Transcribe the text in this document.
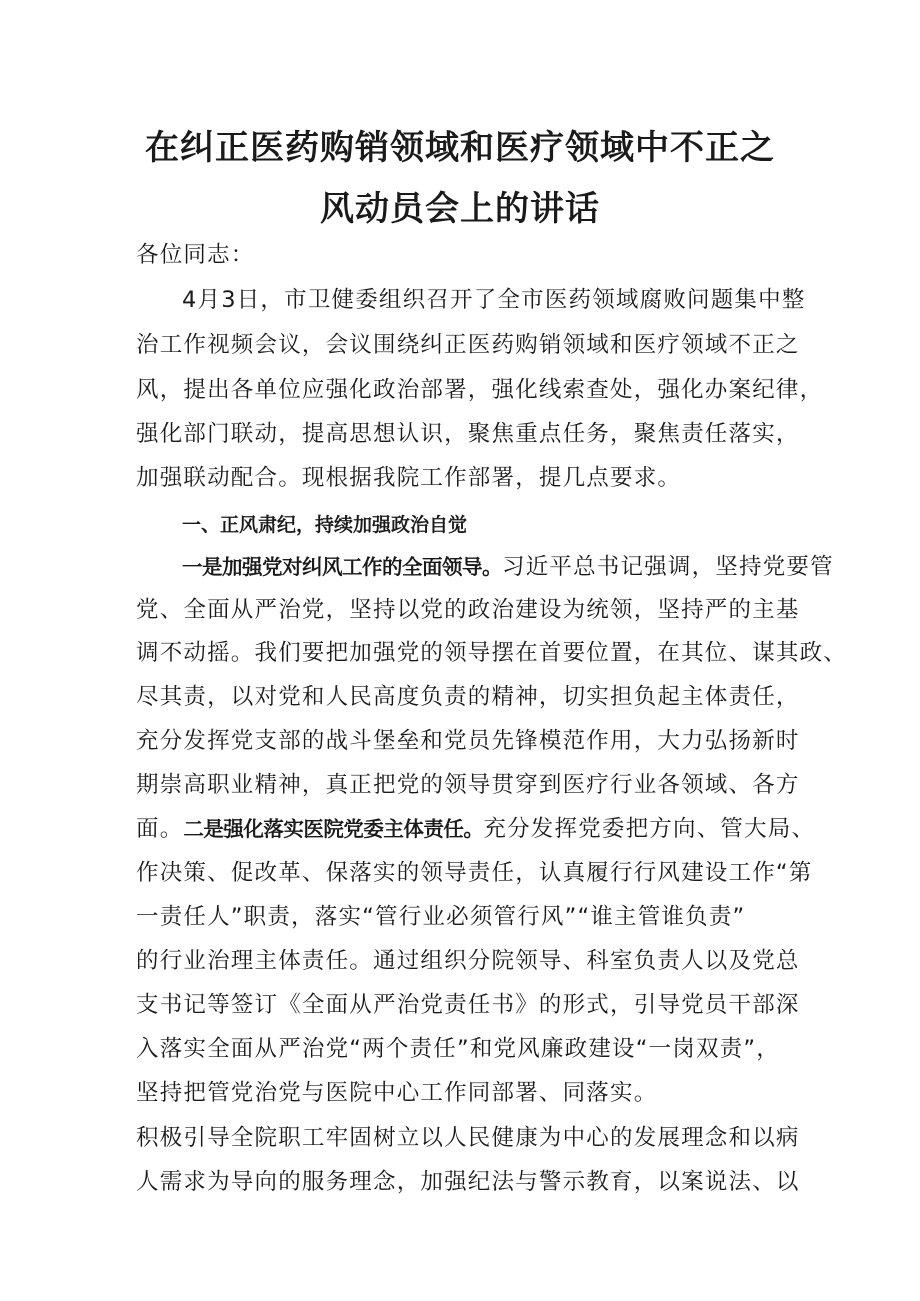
在纠正医药购销领域和医疗领域中不正之
风动员会上的讲话
各位同志：
4月3日，市卫健委组织召开了全市医药领域腐败问题集中整
治工作视频会议，会议围绕纠正医药购销领域和医疗领域不正之
风，提出各单位应强化政治部署，强化线索查处，强化办案纪律，
强化部门联动，提高思想认识，聚焦重点任务，聚焦责任落实，
加强联动配合。现根据我院工作部署，提几点要求。
一、正风肃纪，持续加强政治自觉
一是加强党对纠风工作的全面领导。习近平总书记强调，坚持党要管
党、全面从严治党，坚持以党的政治建设为统领，坚持严的主基
调不动摇。我们要把加强党的领导摆在首要位置，在其位、谋其政、
尽其责，以对党和人民高度负责的精神，切实担负起主体责任，
充分发挥党支部的战斗堡垒和党员先锋模范作用，大力弘扬新时
期崇高职业精神，真正把党的领导贯穿到医疗行业各领域、各方
面。二是强化落实医院党委主体责任。充分发挥党委把方向、管大局、
作决策、促改革、保落实的领导责任，认真履行行风建设工作“第
一责任人”职责，落实“管行业必须管行风”“谁主管谁负责”
的行业治理主体责任。通过组织分院领导、科室负责人以及党总
支书记等签订《全面从严治党责任书》的形式，引导党员干部深
入落实全面从严治党“两个责任”和党风廉政建设“一岗双责”，
坚持把管党治党与医院中心工作同部署、同落实。
积极引导全院职工牢固树立以人民健康为中心的发展理念和以病
人需求为导向的服务理念，加强纪法与警示教育，以案说法、以
